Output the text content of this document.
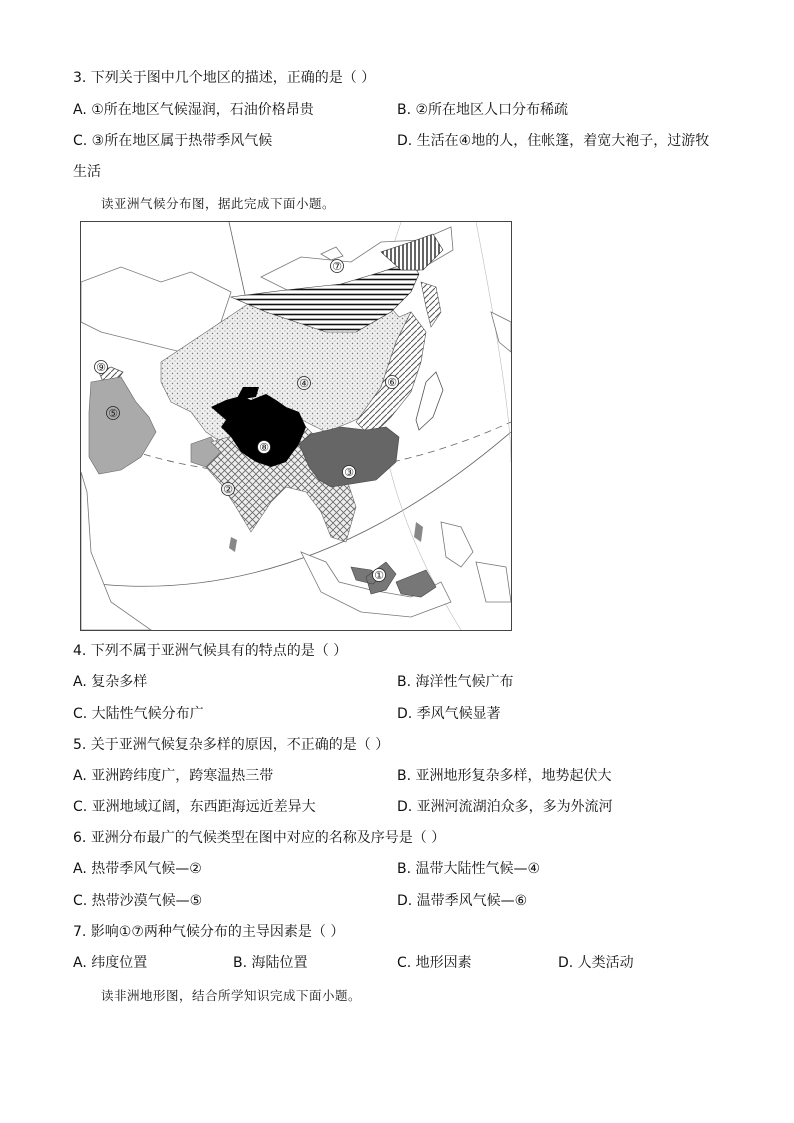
3. 下列关于图中几个地区的描述，正确的是（ ）
A. ①所在地区气候湿润，石油价格昂贵	B. ②所在地区人口分布稀疏
C. ③所在地区属于热带季风气候	D. 生活在④地的人，住帐篷，着宽大袍子，过游牧
生活
读亚洲气候分布图，据此完成下面小题。
⑦
⑨
④	⑥
⑤
⑧
③
②
①
4. 下列不属于亚洲气候具有的特点的是（ ）
A. 复杂多样	B. 海洋性气候广布
C. 大陆性气候分布广	D. 季风气候显著
5. 关于亚洲气候复杂多样的原因，不正确的是（ ）
A. 亚洲跨纬度广，跨寒温热三带	B. 亚洲地形复杂多样，地势起伏大
C. 亚洲地域辽阔，东西距海远近差异大	D. 亚洲河流湖泊众多，多为外流河
6. 亚洲分布最广的气候类型在图中对应的名称及序号是（ ）
A. 热带季风气候—②	B. 温带大陆性气候—④
C. 热带沙漠气候—⑤	D. 温带季风气候—⑥
7. 影响①⑦两种气候分布的主导因素是（ ）
A. 纬度位置	B. 海陆位置	C. 地形因素	D. 人类活动
读非洲地形图，结合所学知识完成下面小题。
